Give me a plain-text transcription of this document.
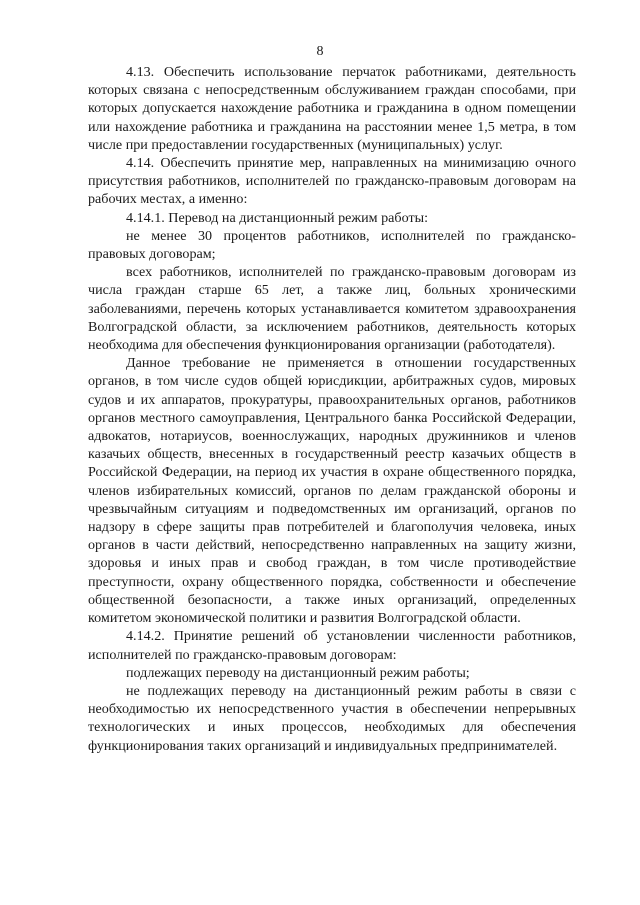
8

4.13. Обеспечить использование перчаток работниками, деятельность которых связана с непосредственным обслуживанием граждан способами, при которых допускается нахождение работника и гражданина в одном помещении или нахождение работника и гражданина на расстоянии менее 1,5 метра, в том числе при предоставлении государственных (муниципальных) услуг.

4.14. Обеспечить принятие мер, направленных на минимизацию очного присутствия работников, исполнителей по гражданско-правовым договорам на рабочих местах, а именно:

4.14.1. Перевод на дистанционный режим работы:

не менее 30 процентов работников, исполнителей по гражданско-правовых договорам;

всех работников, исполнителей по гражданско-правовым договорам из числа граждан старше 65 лет, а также лиц, больных хроническими заболеваниями, перечень которых устанавливается комитетом здравоохранения Волгоградской области, за исключением работников, деятельность которых необходима для обеспечения функционирования организации (работодателя).

Данное требование не применяется в отношении государственных органов, в том числе судов общей юрисдикции, арбитражных судов, мировых судов и их аппаратов, прокуратуры, правоохранительных органов, работников органов местного самоуправления, Центрального банка Российской Федерации, адвокатов, нотариусов, военнослужащих, народных дружинников и членов казачьих обществ, внесенных в государственный реестр казачьих обществ в Российской Федерации, на период их участия в охране общественного порядка, членов избирательных комиссий, органов по делам гражданской обороны и чрезвычайным ситуациям и подведомственных им организаций, органов по надзору в сфере защиты прав потребителей и благополучия человека, иных органов в части действий, непосредственно направленных на защиту жизни, здоровья и иных прав и свобод граждан, в том числе противодействие преступности, охрану общественного порядка, собственности и обеспечение общественной безопасности, а также иных организаций, определенных комитетом экономической политики и развития Волгоградской области.

4.14.2. Принятие решений об установлении численности работников, исполнителей по гражданско-правовым договорам:

подлежащих переводу на дистанционный режим работы;

не подлежащих переводу на дистанционный режим работы в связи с необходимостью их непосредственного участия в обеспечении непрерывных технологических и иных процессов, необходимых для обеспечения функционирования таких организаций и индивидуальных предпринимателей.
